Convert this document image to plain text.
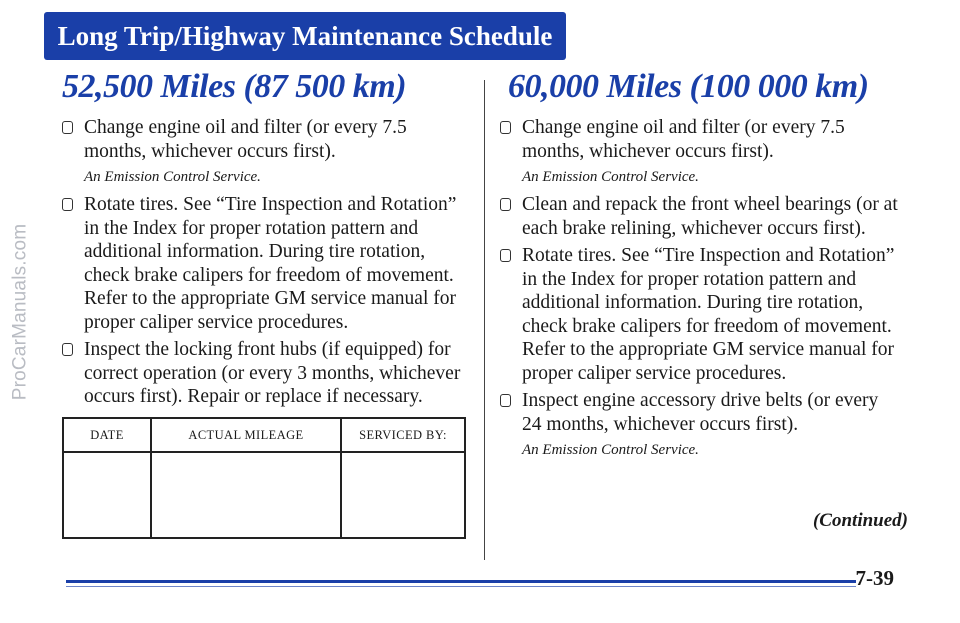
ProCarManuals.com
Long Trip/Highway Maintenance Schedule
52,500 Miles (87 500 km)
Change engine oil and filter (or every 7.5 months, whichever occurs first).
An Emission Control Service.
Rotate tires. See “Tire Inspection and Rotation” in the Index for proper rotation pattern and additional information. During tire rotation, check brake calipers for freedom of movement. Refer to the appropriate GM service manual for proper caliper service procedures.
Inspect the locking front hubs (if equipped) for correct operation (or every 3 months, whichever occurs first). Repair or replace if necessary.
DATE	ACTUAL MILEAGE	SERVICED BY:

60,000 Miles (100 000 km)
Change engine oil and filter (or every 7.5 months, whichever occurs first).
An Emission Control Service.
Clean and repack the front wheel bearings (or at each brake relining, whichever occurs first).
Rotate tires. See “Tire Inspection and Rotation” in the Index for proper rotation pattern and additional information. During tire rotation, check brake calipers for freedom of movement. Refer to the appropriate GM service manual for proper caliper service procedures.
Inspect engine accessory drive belts (or every 24 months, whichever occurs first).
An Emission Control Service.
(Continued)
7-39
